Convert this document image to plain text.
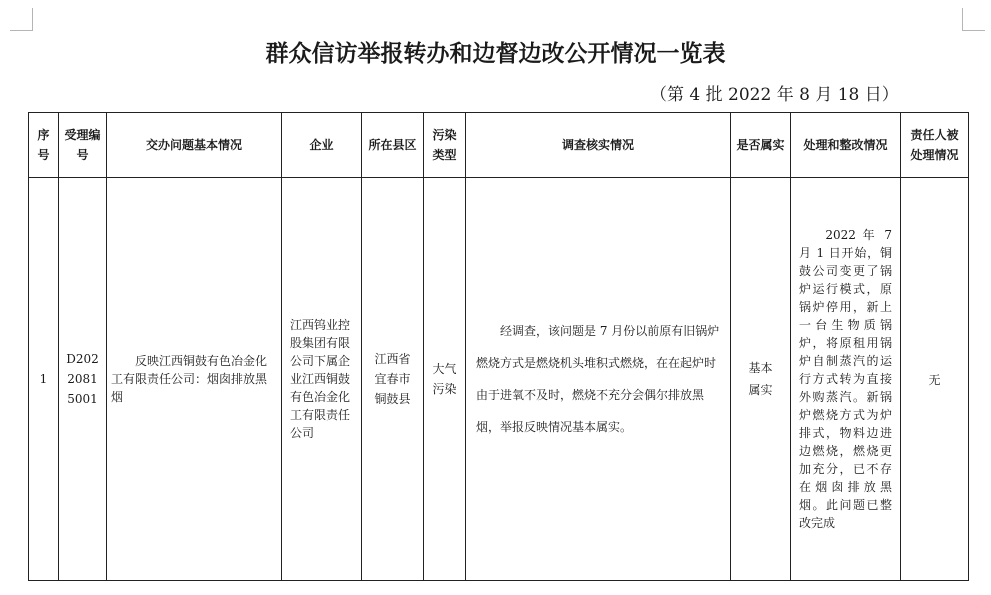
群众信访举报转办和边督边改公开情况一览表
（第 4 批 2022 年 8 月 18 日）
序号	受理编号	交办问题基本情况	企业	所在县区	污染类型	调查核实情况	是否属实	处理和整改情况	责任人被处理情况
1	D20220815001	反映江西铜鼓有色冶金化工有限责任公司：烟囱排放黑烟	江西钨业控股集团有限公司下属企业江西铜鼓有色冶金化工有限责任公司	江西省宜春市铜鼓县	大气污染	经调查，该问题是 7 月份以前原有旧锅炉燃烧方式是燃烧机头堆积式燃烧，在在起炉时由于进氧不及时，燃烧不充分会偶尔排放黑烟，举报反映情况基本属实。	基本属实	2022 年 7 月 1 日开始，铜鼓公司变更了锅炉运行模式，原锅炉停用，新上一台生物质锅炉，将原租用锅炉自制蒸汽的运行方式转为直接外购蒸汽。新锅炉燃烧方式为炉排式，物料边进边燃烧，燃烧更加充分，已不存在烟囱排放黑烟。此问题已整改完成	无
